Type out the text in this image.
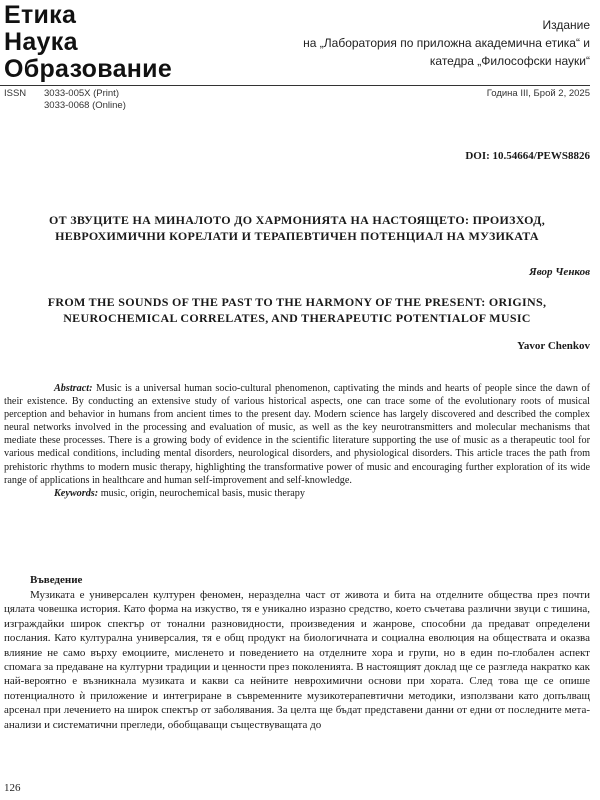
Етика
Наука
Образование
Издание
на „Лаборатория по приложна академична етика“ и
катедра „Философски науки“
ISSN	3033-005X (Print)
3033-0068 (Online)
Година III, Брой 2, 2025
DOI: 10.54664/PEWS8826
ОТ ЗВУЦИТЕ НА МИНАЛОТО ДО ХАРМОНИЯТА НА НАСТОЯЩЕТО: ПРОИЗХОД, НЕВРОХИМИЧНИ КОРЕЛАТИ И ТЕРАПЕВТИЧЕН ПОТЕНЦИАЛ НА МУЗИКАТА
Явор Ченков
FROM THE SOUNDS OF THE PAST TO THE HARMONY OF THE PRESENT: ORIGINS, NEUROCHEMICAL CORRELATES, AND THERAPEUTIC POTENTIALOF MUSIC
Yavor Chenkov

Abstract: Music is a universal human socio-cultural phenomenon, captivating the minds and hearts of people since the dawn of their existence. By conducting an extensive study of various historical aspects, one can trace some of the evolutionary roots of musical perception and behavior in humans from ancient times to the present day. Modern science has largely discovered and described the complex neural networks involved in the processing and evaluation of music, as well as the key neurotransmitters and molecular mechanisms that mediate these processes. There is a growing body of evidence in the scientific literature supporting the use of music as a therapeutic tool for various medical conditions, including mental disorders, neurological disorders, and physiological disorders. This article traces the path from prehistoric rhythms to modern music therapy, highlighting the transformative power of music and encouraging further exploration of its wide range of applications in healthcare and human self-improvement and self-knowledge.

Keywords: music, origin, neurochemical basis, music therapy

Въведение

Музиката е универсален културен феномен, неразделна част от живота и бита на отделните общества през почти цялата човешка история. Като форма на изкуство, тя е уникално изразно средство, което съчетава различни звуци с тишина, изграждайки широк спектър от тонални разновидности, произведения и жанрове, способни да предават определени послания. Като културална универсалия, тя е общ продукт на биологичната и социална еволюция на обществата и оказва влияние не само върху емоциите, мисленето и поведението на отделните хора и групи, но в един по-глобален аспект спомага за предаване на културни традиции и ценности през поколенията. В настоящият доклад ще се разгледа накратко как най-вероятно е възникнала музиката и какви са нейните неврохимични основи при хората. След това ще се опише потенциалното ѝ приложение и интегриране в съвременните музикотерапевтични методики, използвани като допълващ арсенал при лечението на широк спектър от заболявания. За целта ще бъдат представени данни от едни от последните мета-анализи и систематични прегледи, обобщаващи съществуващата до

126
